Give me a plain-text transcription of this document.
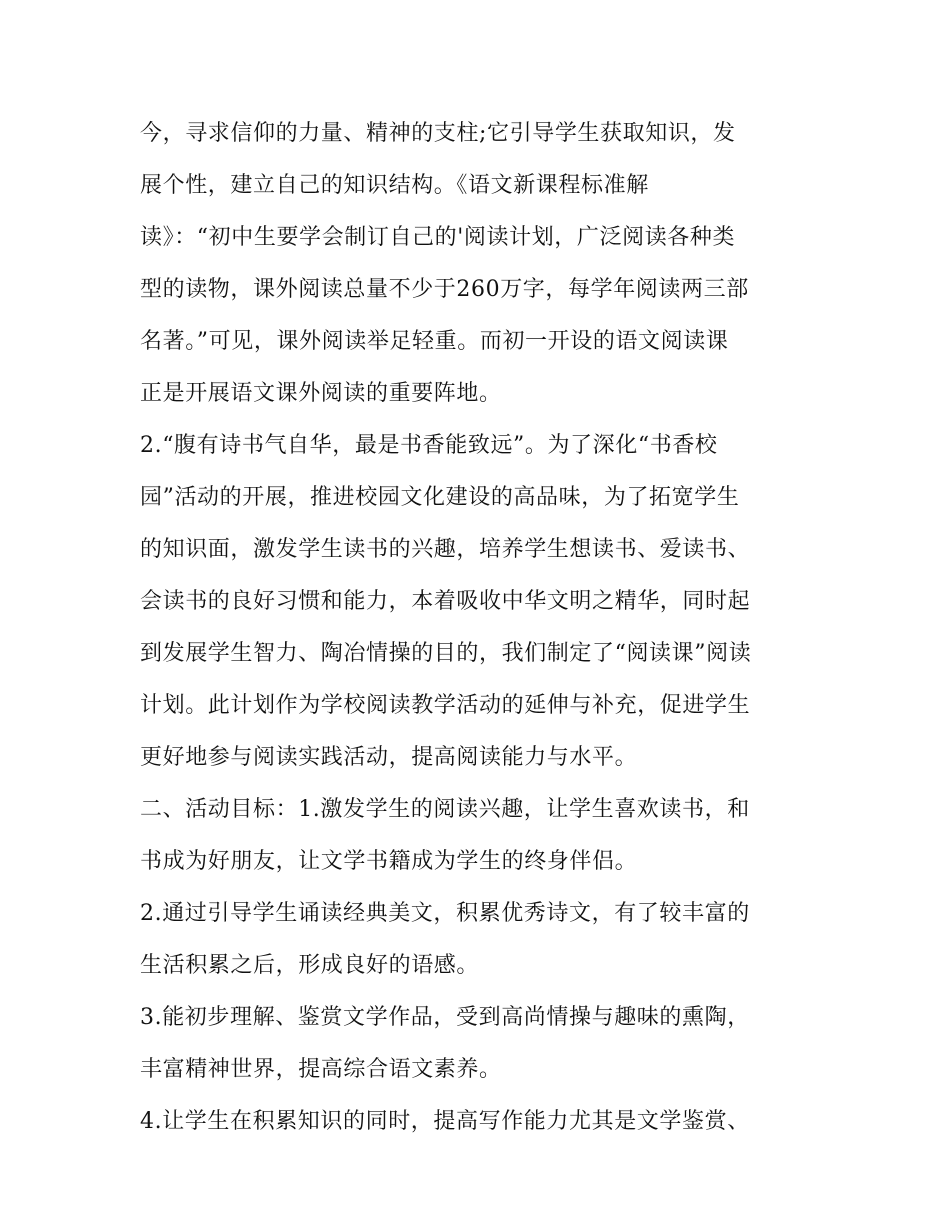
今，寻求信仰的力量、精神的支柱;它引导学生获取知识，发
展个性，建立自己的知识结构。《语文新课程标准解
读》：“初中生要学会制订自己的'阅读计划，广泛阅读各种类
型的读物，课外阅读总量不少于260万字，每学年阅读两三部
名著。”可见，课外阅读举足轻重。而初一开设的语文阅读课
正是开展语文课外阅读的重要阵地。
2.“腹有诗书气自华，最是书香能致远”。为了深化“书香校
园”活动的开展，推进校园文化建设的高品味，为了拓宽学生
的知识面，激发学生读书的兴趣，培养学生想读书、爱读书、
会读书的良好习惯和能力，本着吸收中华文明之精华，同时起
到发展学生智力、陶冶情操的目的，我们制定了“阅读课”阅读
计划。此计划作为学校阅读教学活动的延伸与补充，促进学生
更好地参与阅读实践活动，提高阅读能力与水平。
二、活动目标：1.激发学生的阅读兴趣，让学生喜欢读书，和
书成为好朋友，让文学书籍成为学生的终身伴侣。
2.通过引导学生诵读经典美文，积累优秀诗文，有了较丰富的
生活积累之后，形成良好的语感。
3.能初步理解、鉴赏文学作品，受到高尚情操与趣味的熏陶，
丰富精神世界，提高综合语文素养。
4.让学生在积累知识的同时，提高写作能力尤其是文学鉴赏、
